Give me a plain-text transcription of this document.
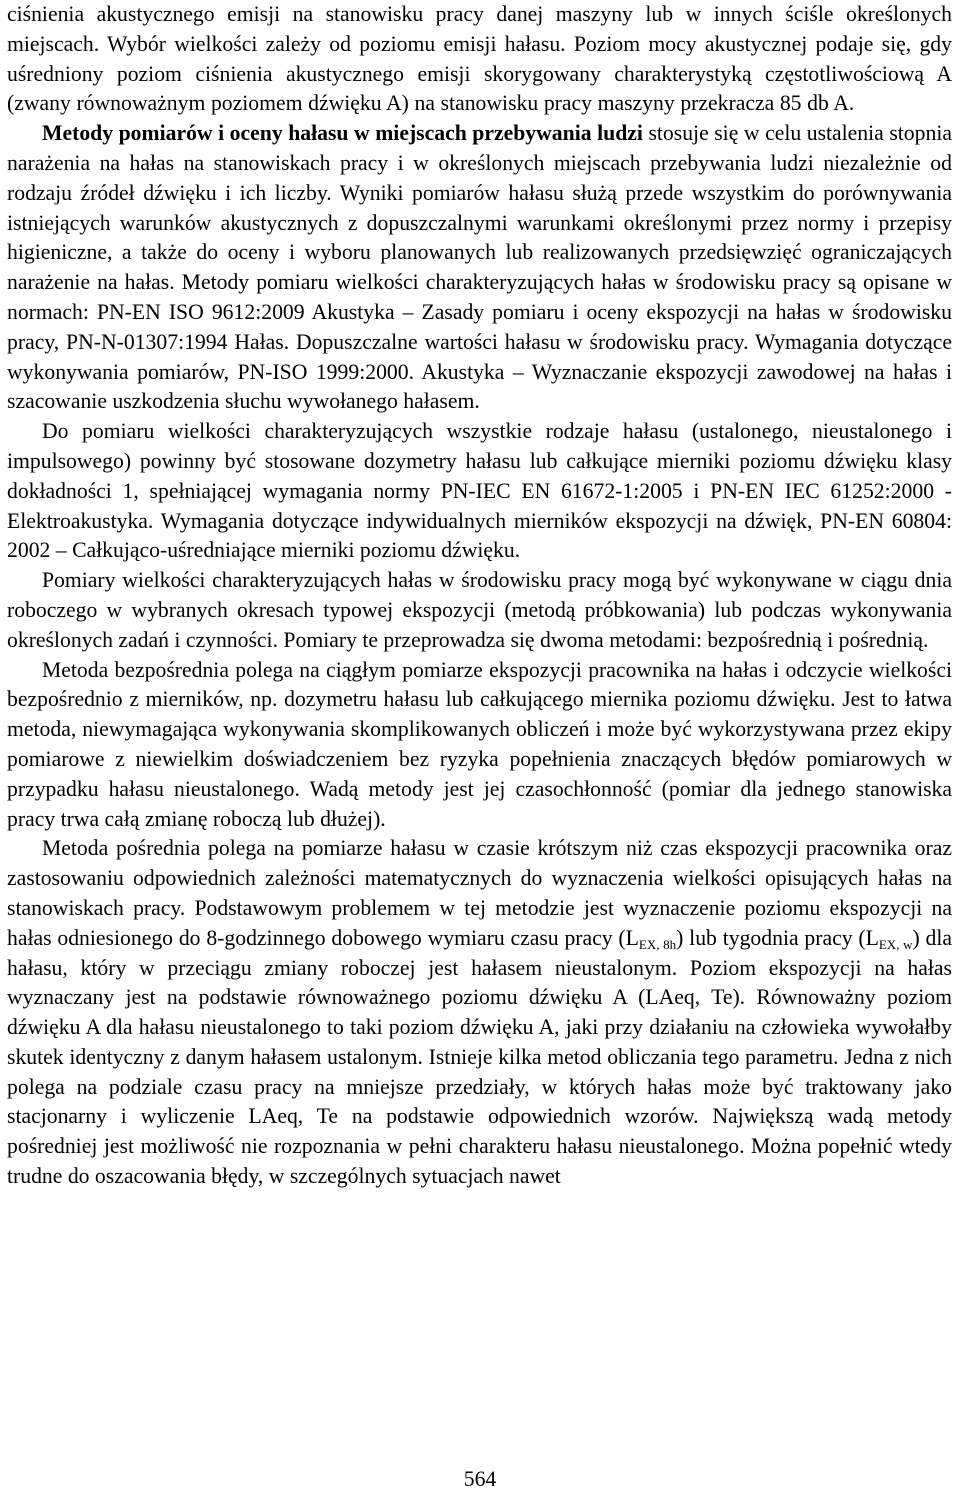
ciśnienia akustycznego emisji na stanowisku pracy danej maszyny lub w innych ściśle określonych miejscach. Wybór wielkości zależy od poziomu emisji hałasu. Poziom mocy akustycznej podaje się, gdy uśredniony poziom ciśnienia akustycznego emisji skorygowany charakterystyką częstotliwościową A (zwany równoważnym poziomem dźwięku A) na stanowisku pracy maszyny przekracza 85 db A.

Metody pomiarów i oceny hałasu w miejscach przebywania ludzi stosuje się w celu ustalenia stopnia narażenia na hałas na stanowiskach pracy i w określonych miejscach przebywania ludzi niezależnie od rodzaju źródeł dźwięku i ich liczby. Wyniki pomiarów hałasu służą przede wszystkim do porównywania istniejących warunków akustycznych z dopuszczalnymi warunkami określonymi przez normy i przepisy higieniczne, a także do oceny i wyboru planowanych lub realizowanych przedsięwzięć ograniczających narażenie na hałas. Metody pomiaru wielkości charakteryzujących hałas w środowisku pracy są opisane w normach: PN-EN ISO 9612:2009 Akustyka – Zasady pomiaru i oceny ekspozycji na hałas w środowisku pracy, PN-N-01307:1994 Hałas. Dopuszczalne wartości hałasu w środowisku pracy. Wymagania dotyczące wykonywania pomiarów, PN-ISO 1999:2000. Akustyka – Wyznaczanie ekspozycji zawodowej na hałas i szacowanie uszkodzenia słuchu wywołanego hałasem.

Do pomiaru wielkości charakteryzujących wszystkie rodzaje hałasu (ustalonego, nieustalonego i impulsowego) powinny być stosowane dozymetry hałasu lub całkujące mierniki poziomu dźwięku klasy dokładności 1, spełniającej wymagania normy PN-IEC EN 61672-1:2005 i PN-EN IEC 61252:2000 - Elektroakustyka. Wymagania dotyczące indywidualnych mierników ekspozycji na dźwięk, PN-EN 60804: 2002 – Całkująco-uśredniające mierniki poziomu dźwięku.

Pomiary wielkości charakteryzujących hałas w środowisku pracy mogą być wykonywane w ciągu dnia roboczego w wybranych okresach typowej ekspozycji (metodą próbkowania) lub podczas wykonywania określonych zadań i czynności. Pomiary te przeprowadza się dwoma metodami: bezpośrednią i pośrednią.

Metoda bezpośrednia polega na ciągłym pomiarze ekspozycji pracownika na hałas i odczycie wielkości bezpośrednio z mierników, np. dozymetru hałasu lub całkującego miernika poziomu dźwięku. Jest to łatwa metoda, niewymagająca wykonywania skomplikowanych obliczeń i może być wykorzystywana przez ekipy pomiarowe z niewielkim doświadczeniem bez ryzyka popełnienia znaczących błędów pomiarowych w przypadku hałasu nieustalonego. Wadą metody jest jej czasochłonność (pomiar dla jednego stanowiska pracy trwa całą zmianę roboczą lub dłużej).

Metoda pośrednia polega na pomiarze hałasu w czasie krótszym niż czas ekspozycji pracownika oraz zastosowaniu odpowiednich zależności matematycznych do wyznaczenia wielkości opisujących hałas na stanowiskach pracy. Podstawowym problemem w tej metodzie jest wyznaczenie poziomu ekspozycji na hałas odniesionego do 8-godzinnego dobowego wymiaru czasu pracy $(L_{EX, 8h})$ lub tygodnia pracy $(L_{EX, w})$ dla hałasu, który w przeciągu zmiany roboczej jest hałasem nieustalonym. Poziom ekspozycji na hałas wyznaczany jest na podstawie równoważnego poziomu dźwięku A (LAeq, Te). Równoważny poziom dźwięku A dla hałasu nieustalonego to taki poziom dźwięku A, jaki przy działaniu na człowieka wywołałby skutek identyczny z danym hałasem ustalonym. Istnieje kilka metod obliczania tego parametru. Jedna z nich polega na podziale czasu pracy na mniejsze przedziały, w których hałas może być traktowany jako stacjonarny i wyliczenie LAeq, Te na podstawie odpowiednich wzorów. Największą wadą metody pośredniej jest możliwość nie rozpoznania w pełni charakteru hałasu nieustalonego. Można popełnić wtedy trudne do oszacowania błędy, w szczególnych sytuacjach nawet

564
